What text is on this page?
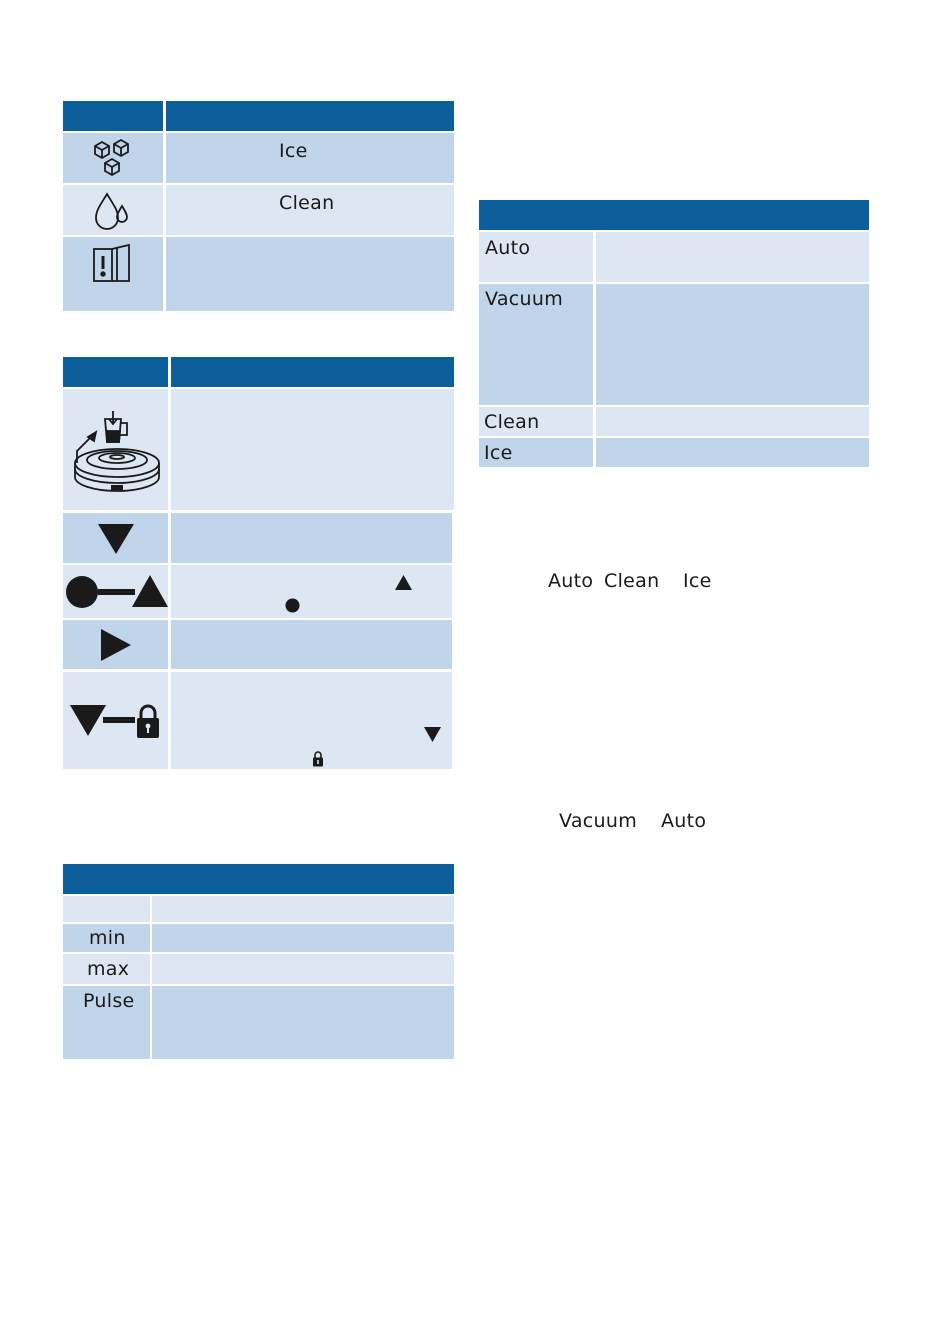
Ice
Clean
min
max
Pulse
Auto
Vacuum
Clean
Ice
Auto Clean Ice
Vacuum Auto
